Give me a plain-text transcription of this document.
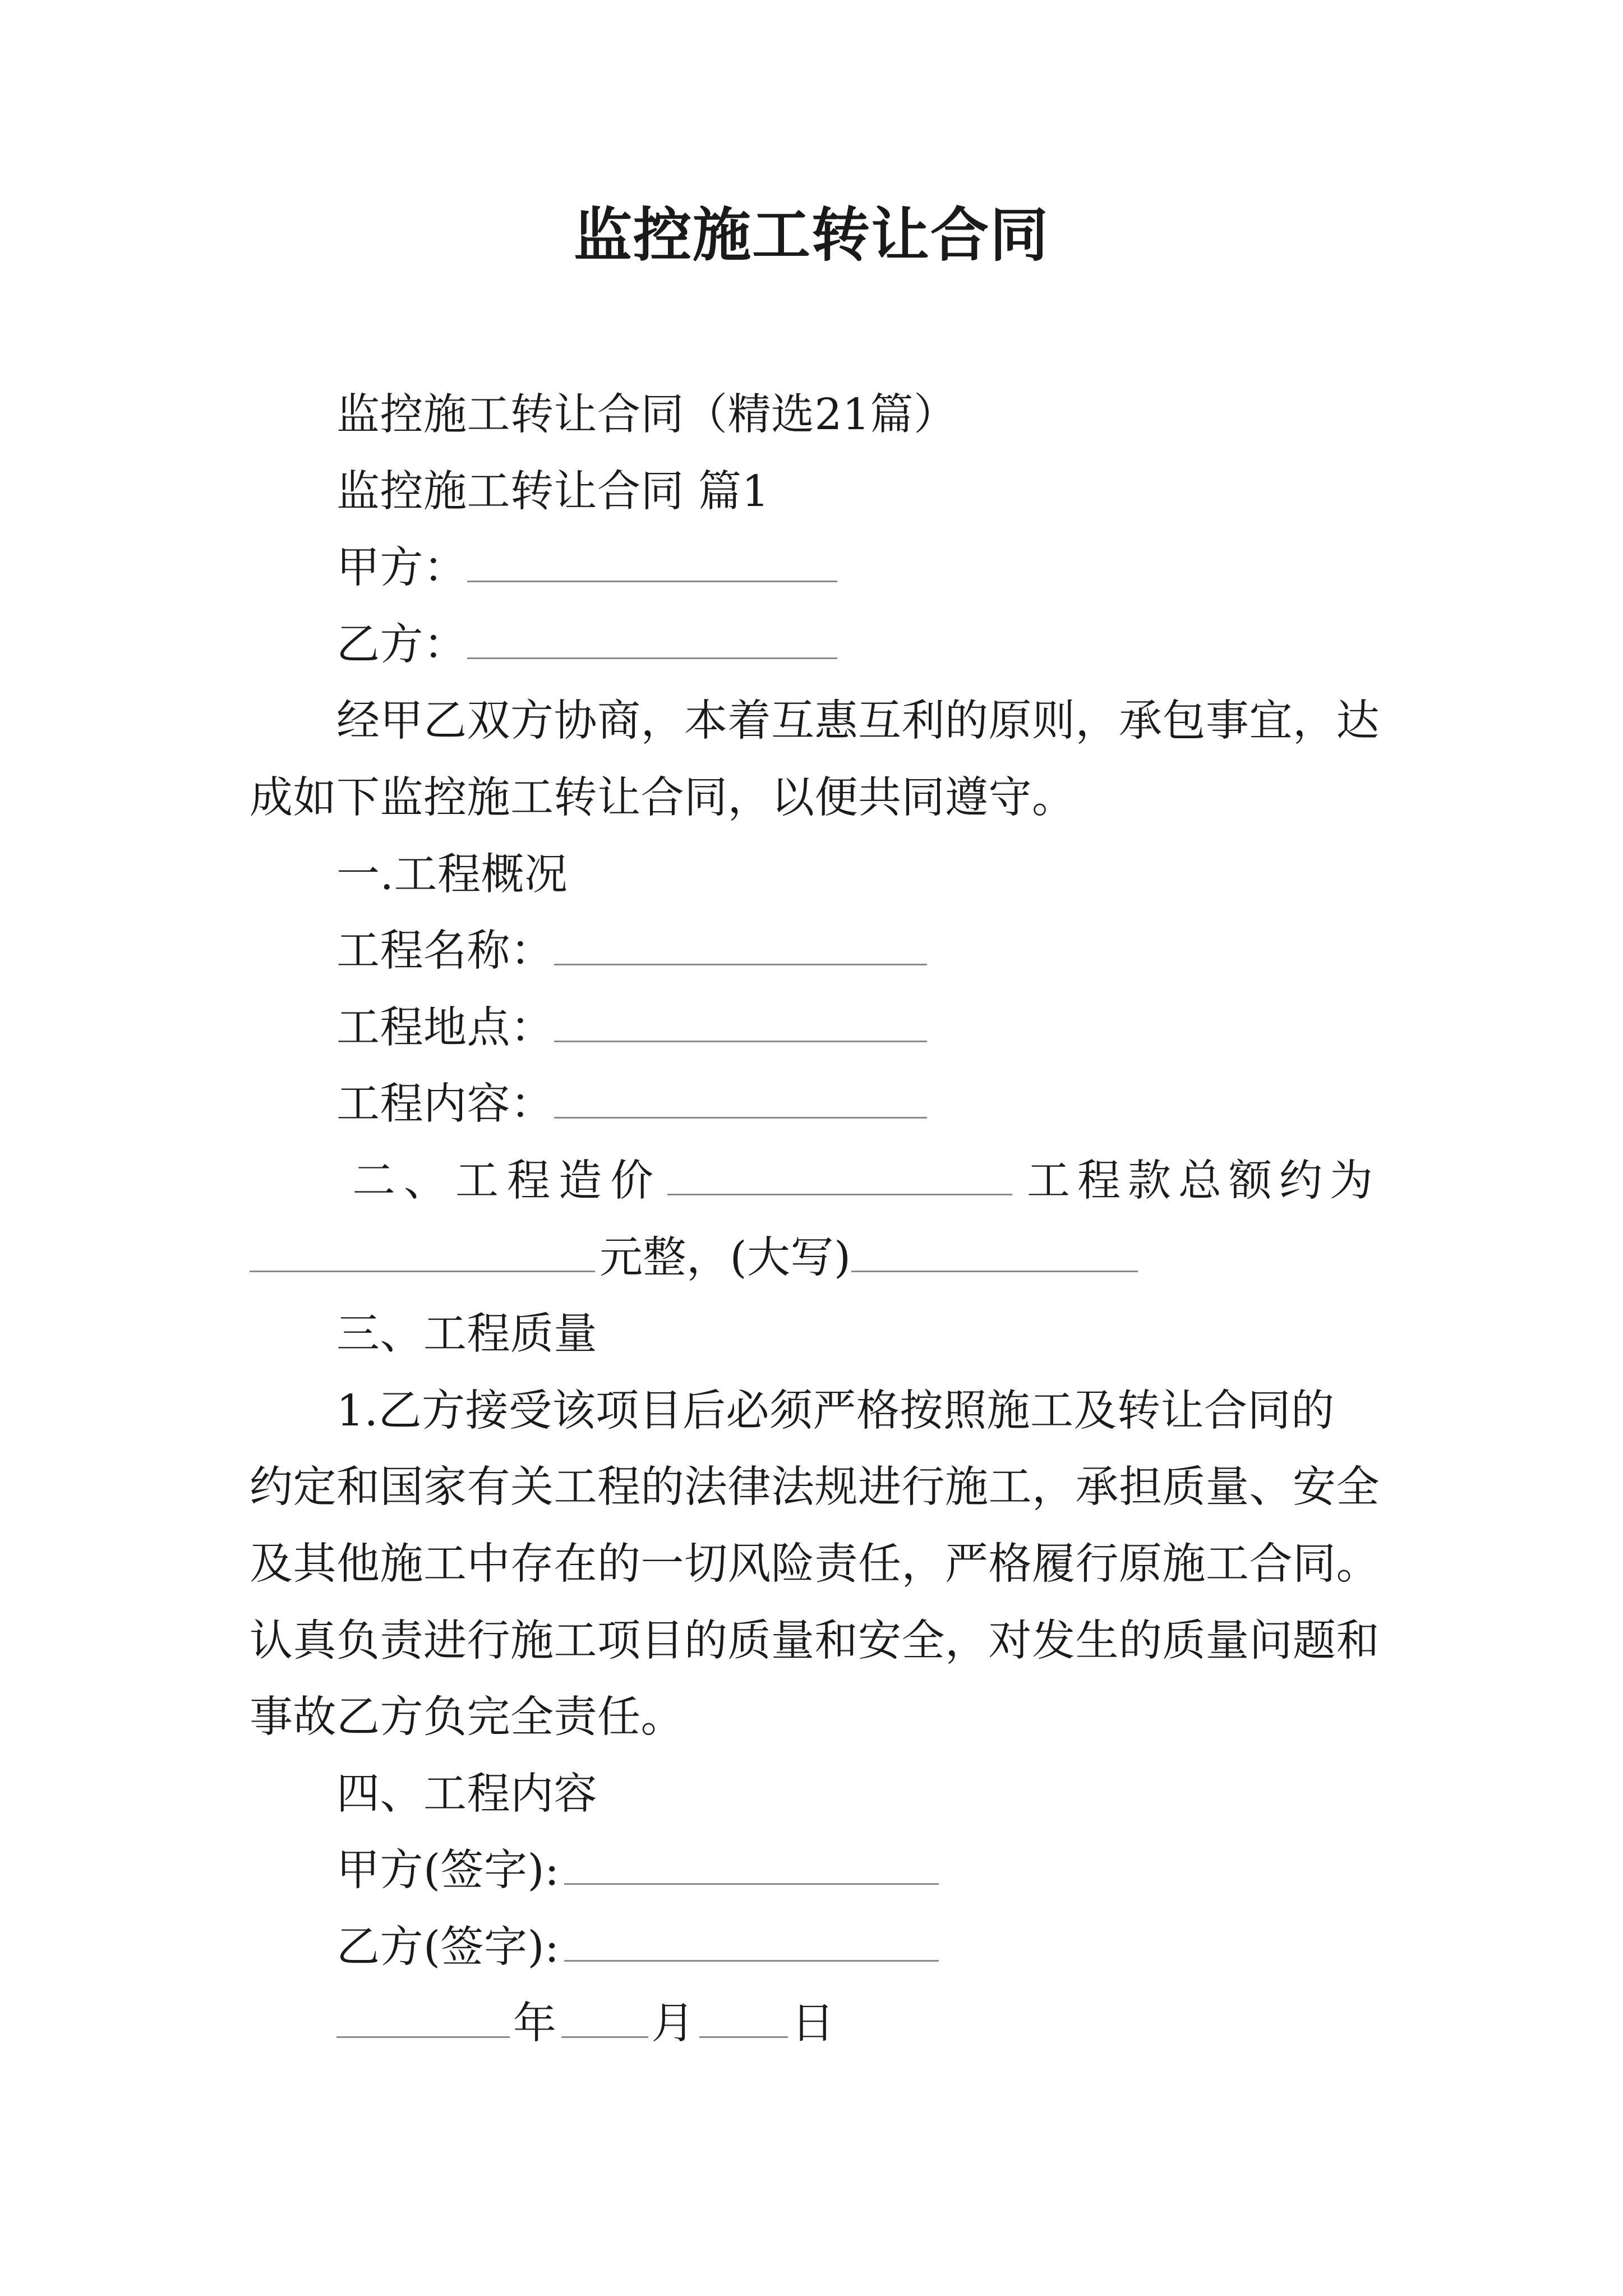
监控施工转让合同
监控施工转让合同（精选21篇）
监控施工转让合同 篇1
甲方：
乙方：
经甲乙双方协商，本着互惠互利的原则，承包事宜，达
成如下监控施工转让合同，以便共同遵守。
一.工程概况
工程名称：
工程地点：
工程内容：
二、工程造价	工程款总额约为
元整，(大写)
三、工程质量
1.乙方接受该项目后必须严格按照施工及转让合同的
约定和国家有关工程的法律法规进行施工，承担质量、安全
及其他施工中存在的一切风险责任，严格履行原施工合同。
认真负责进行施工项目的质量和安全，对发生的质量问题和
事故乙方负完全责任。
四、工程内容
甲方(签字):
乙方(签字):
年 月 日
